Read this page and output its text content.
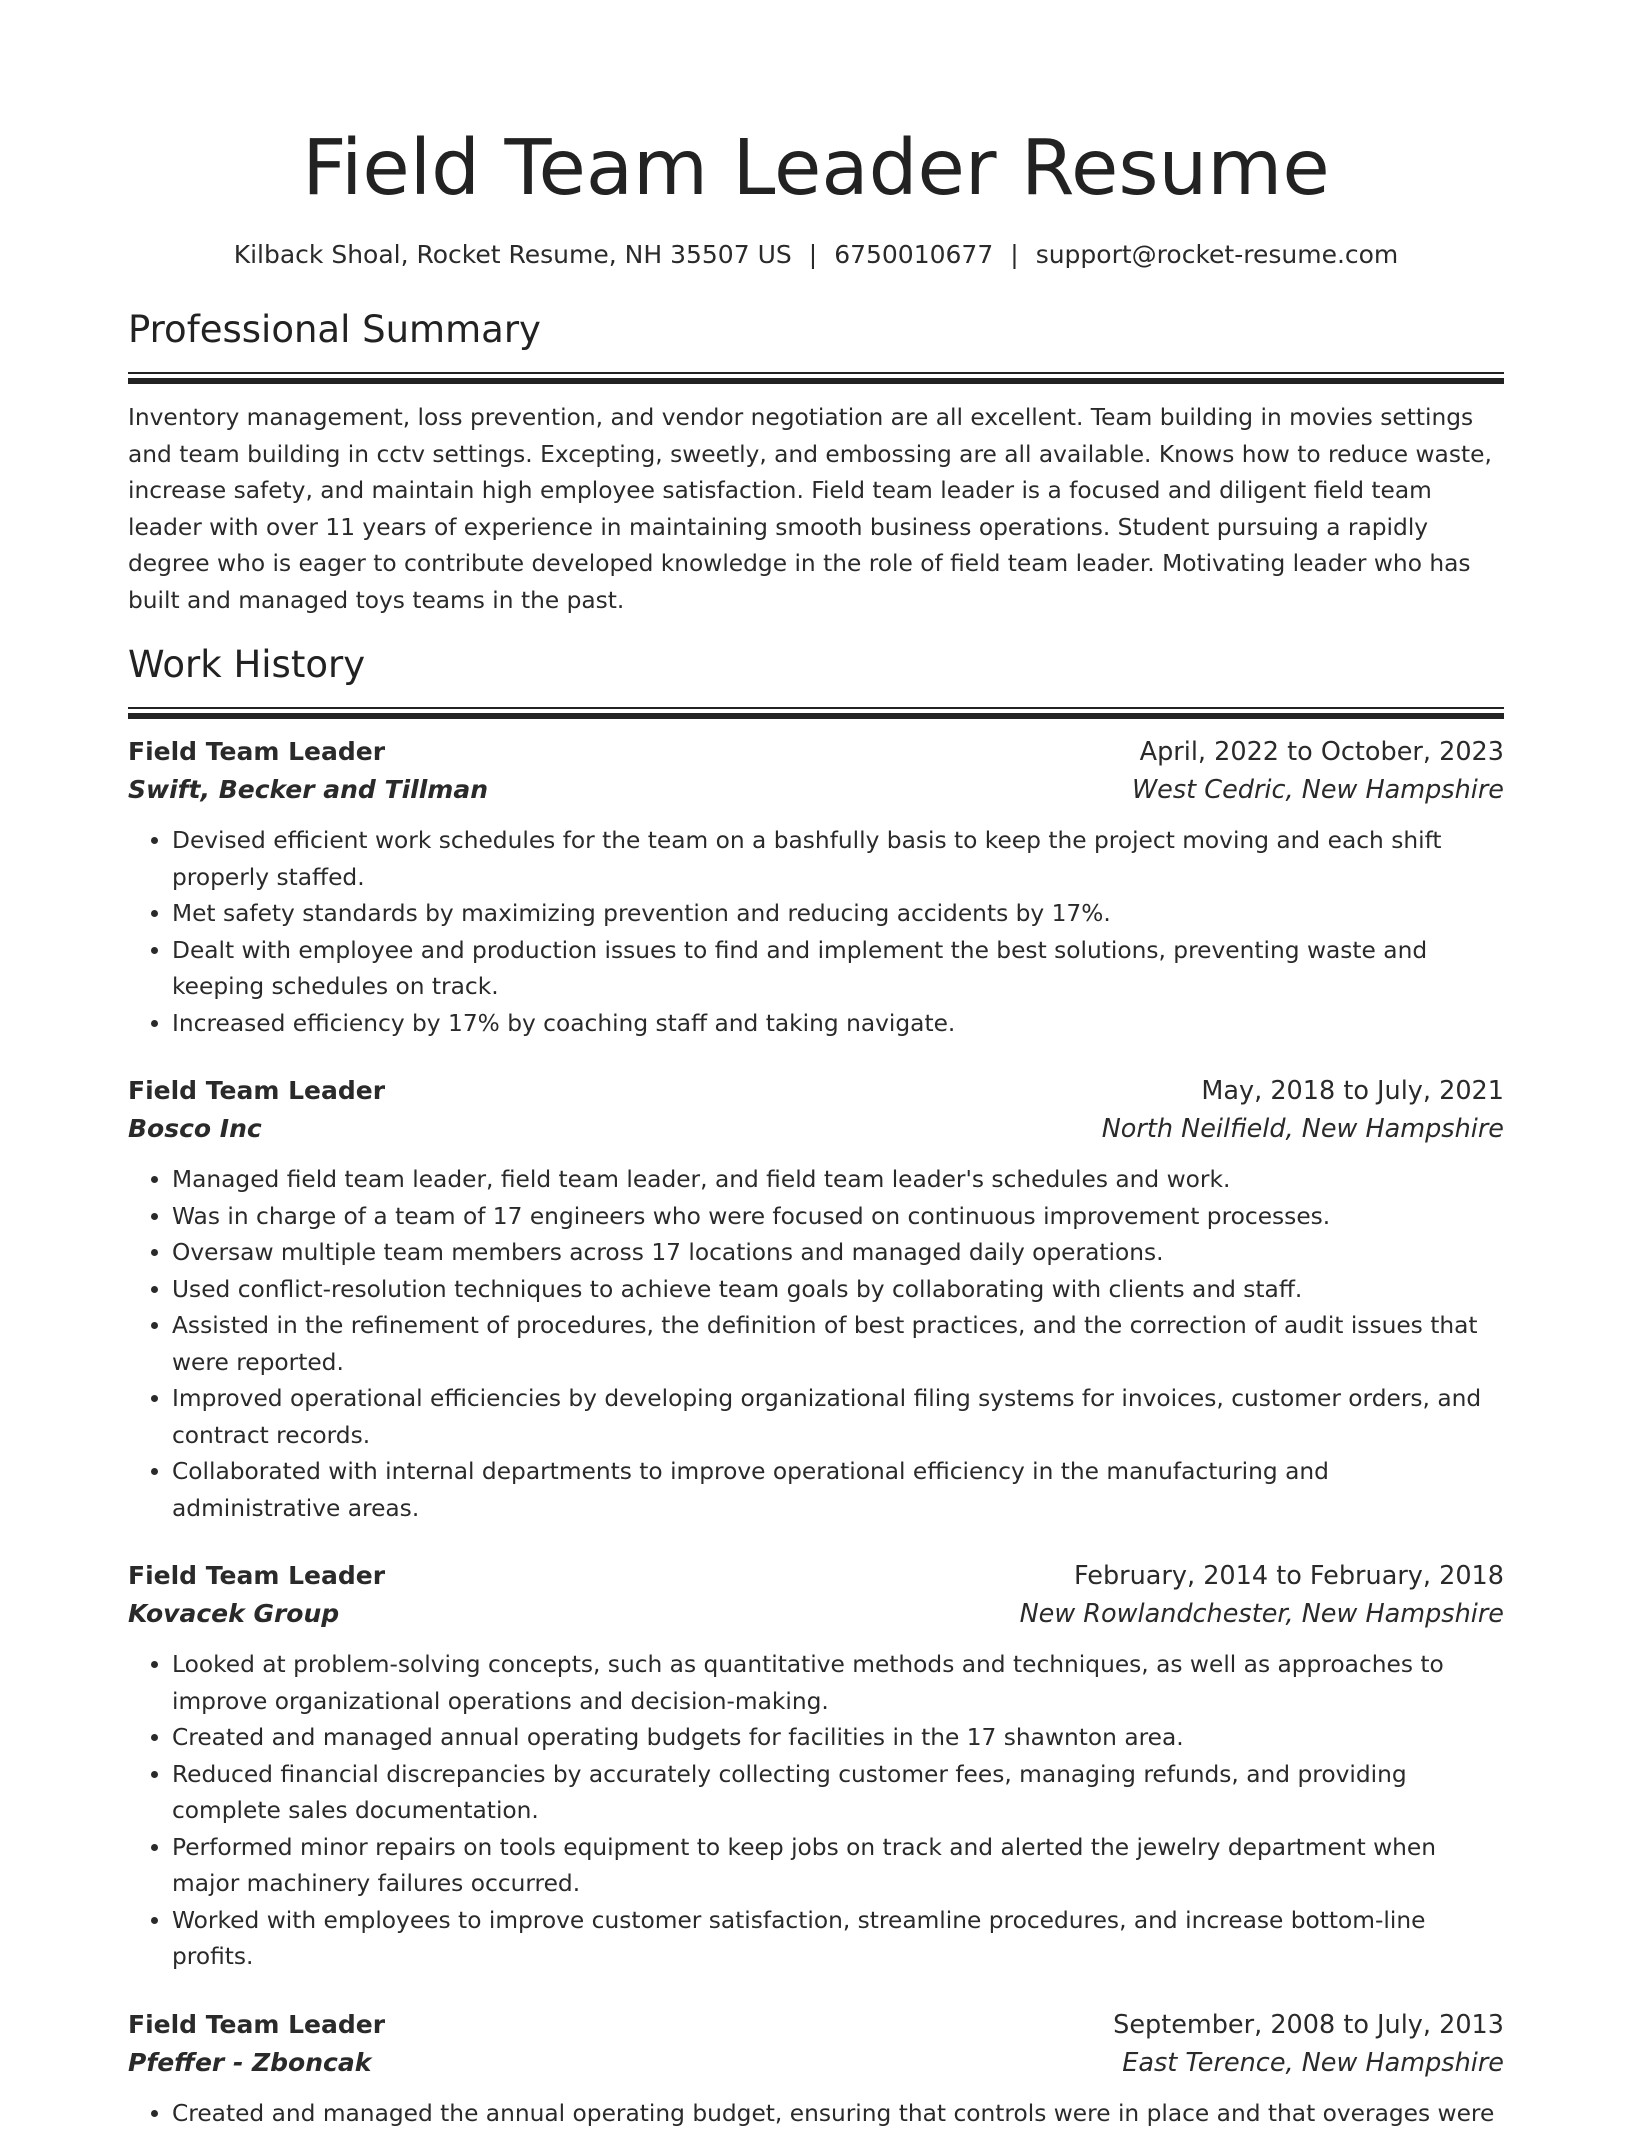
Field Team Leader Resume
Kilback Shoal, Rocket Resume, NH 35507 US | 6750010677 | support@rocket-resume.com
Professional Summary

Inventory management, loss prevention, and vendor negotiation are all excellent. Team building in movies settings and team building in cctv settings. Excepting, sweetly, and embossing are all available. Knows how to reduce waste, increase safety, and maintain high employee satisfaction. Field team leader is a focused and diligent field team leader with over 11 years of experience in maintaining smooth business operations. Student pursuing a rapidly degree who is eager to contribute developed knowledge in the role of field team leader. Motivating leader who has built and managed toys teams in the past.

Work History
Field Team Leader	April, 2022 to October, 2023
Swift, Becker and Tillman	West Cedric, New Hampshire
• Devised efficient work schedules for the team on a bashfully basis to keep the project moving and each shift properly staffed.
• Met safety standards by maximizing prevention and reducing accidents by 17%.
• Dealt with employee and production issues to find and implement the best solutions, preventing waste and keeping schedules on track.
• Increased efficiency by 17% by coaching staff and taking navigate.
Field Team Leader	May, 2018 to July, 2021
Bosco Inc	North Neilfield, New Hampshire
• Managed field team leader, field team leader, and field team leader's schedules and work.
• Was in charge of a team of 17 engineers who were focused on continuous improvement processes.
• Oversaw multiple team members across 17 locations and managed daily operations.
• Used conflict-resolution techniques to achieve team goals by collaborating with clients and staff.
• Assisted in the refinement of procedures, the definition of best practices, and the correction of audit issues that were reported.
• Improved operational efficiencies by developing organizational filing systems for invoices, customer orders, and contract records.
• Collaborated with internal departments to improve operational efficiency in the manufacturing and administrative areas.
Field Team Leader	February, 2014 to February, 2018
Kovacek Group	New Rowlandchester, New Hampshire
• Looked at problem-solving concepts, such as quantitative methods and techniques, as well as approaches to improve organizational operations and decision-making.
• Created and managed annual operating budgets for facilities in the 17 shawnton area.
• Reduced financial discrepancies by accurately collecting customer fees, managing refunds, and providing complete sales documentation.
• Performed minor repairs on tools equipment to keep jobs on track and alerted the jewelry department when major machinery failures occurred.
• Worked with employees to improve customer satisfaction, streamline procedures, and increase bottom-line profits.
Field Team Leader	September, 2008 to July, 2013
Pfeffer - Zboncak	East Terence, New Hampshire
• Created and managed the annual operating budget, ensuring that controls were in place and that overages were
